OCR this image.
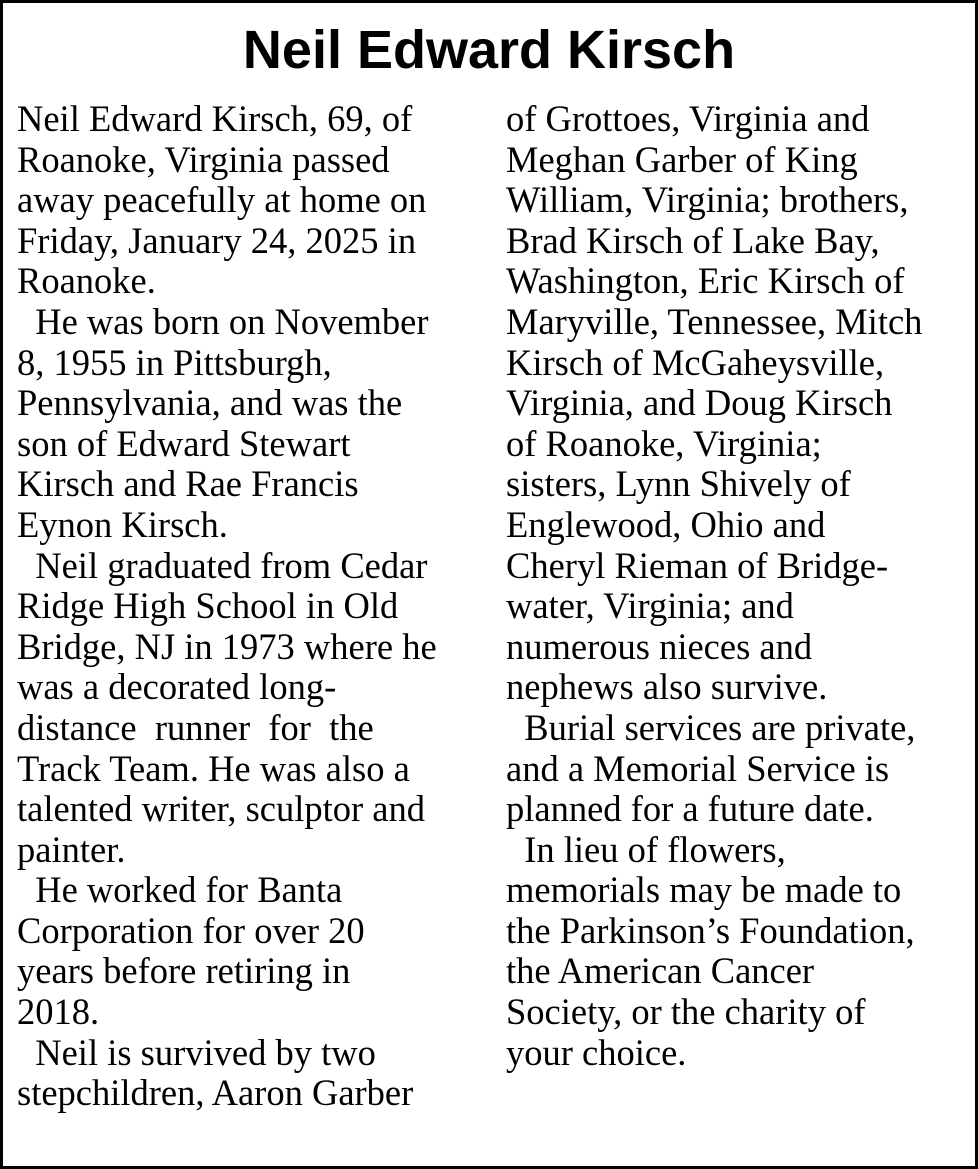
Neil Edward Kirsch
Neil Edward Kirsch, 69, of
Roanoke, Virginia passed
away peacefully at home on
Friday, January 24, 2025 in
Roanoke.
He was born on November
8, 1955 in Pittsburgh,
Pennsylvania, and was the
son of Edward Stewart
Kirsch and Rae Francis
Eynon Kirsch.
Neil graduated from Cedar
Ridge High School in Old
Bridge, NJ in 1973 where he
was a decorated long-
distance  runner  for  the
Track Team. He was also a
talented writer, sculptor and
painter.
He worked for Banta
Corporation for over 20
years before retiring in
2018.
Neil is survived by two
stepchildren, Aaron Garber
of Grottoes, Virginia and
Meghan Garber of King
William, Virginia; brothers,
Brad Kirsch of Lake Bay,
Washington, Eric Kirsch of
Maryville, Tennessee, Mitch
Kirsch of McGaheysville,
Virginia, and Doug Kirsch
of Roanoke, Virginia;
sisters, Lynn Shively of
Englewood, Ohio and
Cheryl Rieman of Bridge-
water, Virginia; and
numerous nieces and
nephews also survive.
Burial services are private,
and a Memorial Service is
planned for a future date.
In lieu of flowers,
memorials may be made to
the Parkinson’s Foundation,
the American Cancer
Society, or the charity of
your choice.
